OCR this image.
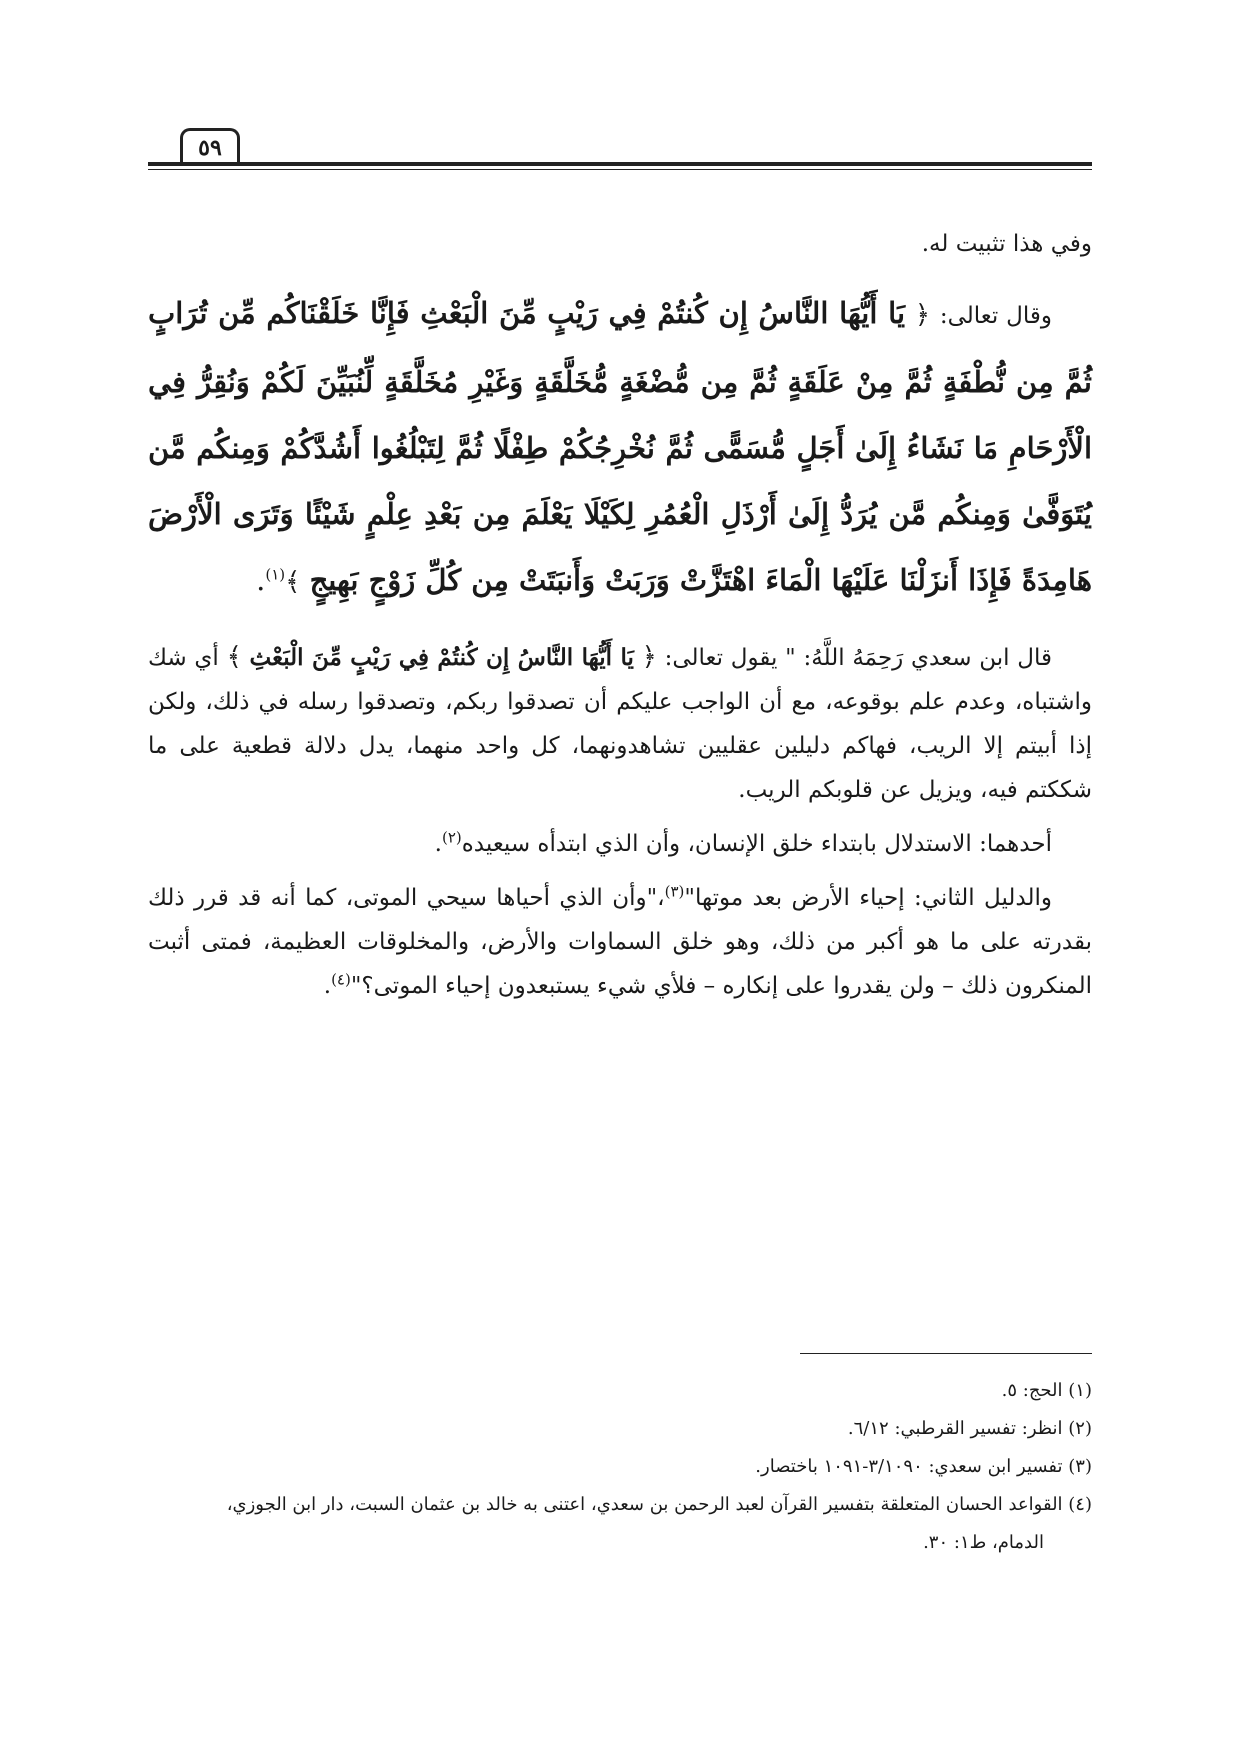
٥٩

وفي هذا تثبيت له.

وقال تعالى: ﴿ يَا أَيُّهَا النَّاسُ إِن كُنتُمْ فِي رَيْبٍ مِّنَ الْبَعْثِ فَإِنَّا خَلَقْنَاكُم مِّن تُرَابٍ ثُمَّ مِن نُّطْفَةٍ ثُمَّ مِنْ عَلَقَةٍ ثُمَّ مِن مُّضْغَةٍ مُّخَلَّقَةٍ وَغَيْرِ مُخَلَّقَةٍ لِّنُبَيِّنَ لَكُمْ وَنُقِرُّ فِي الْأَرْحَامِ مَا نَشَاءُ إِلَىٰ أَجَلٍ مُّسَمًّى ثُمَّ نُخْرِجُكُمْ طِفْلًا ثُمَّ لِتَبْلُغُوا أَشُدَّكُمْ وَمِنكُم مَّن يُتَوَفَّىٰ وَمِنكُم مَّن يُرَدُّ إِلَىٰ أَرْذَلِ الْعُمُرِ لِكَيْلَا يَعْلَمَ مِن بَعْدِ عِلْمٍ شَيْئًا وَتَرَى الْأَرْضَ هَامِدَةً فَإِذَا أَنزَلْنَا عَلَيْهَا الْمَاءَ اهْتَزَّتْ وَرَبَتْ وَأَنبَتَتْ مِن كُلِّ زَوْجٍ بَهِيجٍ ﴾$^{(١)}$.

قال ابن سعدي رَحِمَهُ اللَّهُ: " يقول تعالى: ﴿ يَا أَيُّهَا النَّاسُ إِن كُنتُمْ فِي رَيْبٍ مِّنَ الْبَعْثِ ﴾ أي شك واشتباه، وعدم علم بوقوعه، مع أن الواجب عليكم أن تصدقوا ربكم، وتصدقوا رسله في ذلك، ولكن إذا أبيتم إلا الريب، فهاكم دليلين عقليين تشاهدونهما، كل واحد منهما، يدل دلالة قطعية على ما شككتم فيه، ويزيل عن قلوبكم الريب.

أحدهما: الاستدلال بابتداء خلق الإنسان، وأن الذي ابتدأه سيعيده$^{(٢)}$.

والدليل الثاني: إحياء الأرض بعد موتها"$^{(٣)}$،"وأن الذي أحياها سيحي الموتى، كما أنه قد قرر ذلك بقدرته على ما هو أكبر من ذلك، وهو خلق السماوات والأرض، والمخلوقات العظيمة، فمتى أثبت المنكرون ذلك – ولن يقدروا على إنكاره – فلأي شيء يستبعدون إحياء الموتى؟"$^{(٤)}$.

(١) الحج: ٥.

(٢) انظر: تفسير القرطبي: ٦/١٢.

(٣) تفسير ابن سعدي: ٣/١٠٩٠-١٠٩١ باختصار.

(٤) القواعد الحسان المتعلقة بتفسير القرآن لعبد الرحمن بن سعدي، اعتنى به خالد بن عثمان السبت، دار ابن الجوزي،

الدمام، ط١: ٣٠.
